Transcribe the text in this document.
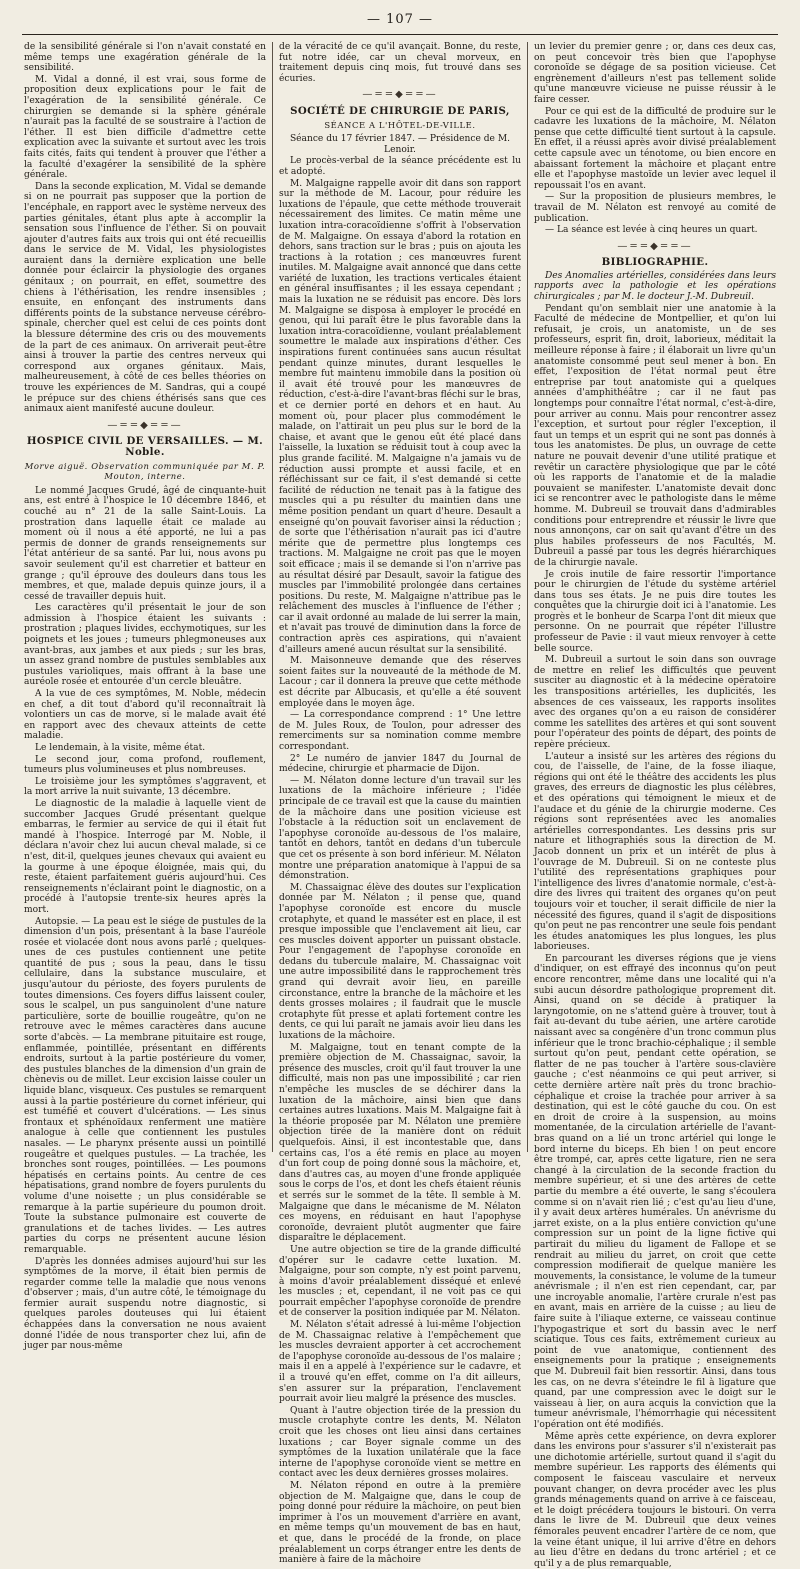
— 107 —

de la sensibilité générale si l'on n'avait constaté en même temps une exagération générale de la sensibilité.

M. Vidal a donné, il est vrai, sous forme de proposition deux explications pour le fait de l'exagération de la sensibilité générale. Ce chirurgien se demande si la sphère générale n'aurait pas la faculté de se soustraire à l'action de l'éther. Il est bien difficile d'admettre cette explication avec la suivante et surtout avec les trois faits cités, faits qui tendent à prouver que l'éther a la faculté d'exagérer la sensibilité de la sphère générale.

Dans la seconde explication, M. Vidal se demande si on ne pourrait pas supposer que la portion de l'encéphale, en rapport avec le système nerveux des parties génitales, étant plus apte à accomplir la sensation sous l'influence de l'éther. Si on pouvait ajouter d'autres faits aux trois qui ont été recueillis dans le service de M. Vidal, les physiologistes auraient dans la dernière explication une belle donnée pour éclaircir la physiologie des organes génitaux ; on pourrait, en effet, soumettre des chiens à l'éthérisation, les rendre insensibles ; ensuite, en enfonçant des instruments dans différents points de la substance nerveuse cérébro-spinale, chercher quel est celui de ces points dont la blessure détermine des cris ou des mouvements de la part de ces animaux. On arriverait peut-être ainsi à trouver la partie des centres nerveux qui correspond aux organes génitaux. Mais, malheureusement, à côté de ces belles théories on trouve les expériences de M. Sandras, qui a coupé le prépuce sur des chiens éthérisés sans que ces animaux aient manifesté aucune douleur.

—==◆==—
HOSPICE CIVIL DE VERSAILLES. — M. Noble.
Morve aiguë. Observation communiquée par M. P. Mouton, interne.

Le nommé Jacques Grudé, âgé de cinquante-huit ans, est entré à l'hospice le 10 décembre 1846, et couché au n° 21 de la salle Saint-Louis. La prostration dans laquelle était ce malade au moment où il nous a été apporté, ne lui a pas permis de donner de grands renseignements sur l'état antérieur de sa santé. Par lui, nous avons pu savoir seulement qu'il est charretier et batteur en grange ; qu'il éprouve des douleurs dans tous les membres, et que, malade depuis quinze jours, il a cessé de travailler depuis huit.

Les caractères qu'il présentait le jour de son admission à l'hospice étaient les suivants : prostration ; plaques livides, ecchymotiques, sur les poignets et les joues ; tumeurs phlegmoneuses aux avant-bras, aux jambes et aux pieds ; sur les bras, un assez grand nombre de pustules semblables aux pustules varioliques, mais offrant à la base une auréole rosée et entourée d'un cercle bleuâtre.

A la vue de ces symptômes, M. Noble, médecin en chef, a dit tout d'abord qu'il reconnaîtrait là volontiers un cas de morve, si le malade avait été en rapport avec des chevaux atteints de cette maladie.

Le lendemain, à la visite, même état.

Le second jour, coma profond, rouflement, tumeurs plus volumineuses et plus nombreuses.

Le troisième jour les symptômes s'aggravent, et la mort arrive la nuit suivante, 13 décembre.

Le diagnostic de la maladie à laquelle vient de succomber Jacques Grudé présentant quelque embarras, le fermier au service de qui il était fut mandé à l'hospice. Interrogé par M. Noble, il déclara n'avoir chez lui aucun cheval malade, si ce n'est, dit-il, quelques jeunes chevaux qui avaient eu la gourme à une époque éloignée, mais qui, du reste, étaient parfaitement guéris aujourd'hui. Ces renseignements n'éclairant point le diagnostic, on a procédé à l'autopsie trente-six heures après la mort.

Autopsie. — La peau est le siége de pustules de la dimension d'un pois, présentant à la base l'auréole rosée et violacée dont nous avons parlé ; quelques-unes de ces pustules contiennent une petite quantité de pus ; sous la peau, dans le tissu cellulaire, dans la substance musculaire, et jusqu'autour du périoste, des foyers purulents de toutes dimensions. Ces foyers diffus laissent couler, sous le scalpel, un pus sanguinolent d'une nature particulière, sorte de bouillie rougeâtre, qu'on ne retrouve avec le mêmes caractères dans aucune sorte d'abcès. — La membrane pituitaire est rouge, enflammée, pointillée, présentant en différents endroits, surtout à la partie postérieure du vomer, des pustules blanches de la dimension d'un grain de chènevis ou de millet. Leur excision laisse couler un liquide blanc, visqueux. Ces pustules se remarquent aussi à la partie postérieure du cornet inférieur, qui est tuméfié et couvert d'ulcérations. — Les sinus frontaux et sphénoïdaux renferment une matière analogue à celle que contiennent les pustules nasales. — Le pharynx présente aussi un pointillé rougeâtre et quelques pustules. — La trachée, les bronches sont rouges, pointillées. — Les poumons hépatisés en certains points. Au centre de ces hépatisations, grand nombre de foyers purulents du volume d'une noisette ; un plus considérable se remarque à la partie supérieure du poumon droit. Toute la substance pulmonaire est couverte de granulations et de taches livides. — Les autres parties du corps ne présentent aucune lésion remarquable.

D'après les données admises aujourd'hui sur les symptômes de la morve, il était bien permis de regarder comme telle la maladie que nous venons d'observer ; mais, d'un autre côté, le témoignage du fermier aurait suspendu notre diagnostic, si quelques paroles douteuses qui lui étaient échappées dans la conversation ne nous avaient donné l'idée de nous transporter chez lui, afin de juger par nous-même

de la véracité de ce qu'il avançait. Bonne, du reste, fut notre idée, car un cheval morveux, en traitement depuis cinq mois, fut trouvé dans ses écuries.

—==◆==—
SOCIÉTÉ DE CHIRURGIE DE PARIS,
SÉANCE A L'HÔTEL-DE-VILLE.

Séance du 17 février 1847. — Présidence de M. Lenoir.

Le procès-verbal de la séance précédente est lu et adopté.

M. Malgaigne rappelle avoir dit dans son rapport sur la méthode de M. Lacour, pour réduire les luxations de l'épaule, que cette méthode trouverait nécessairement des limites. Ce matin même une luxation intra-coracoïdienne s'offrit à l'observation de M. Malgaigne. On essaya d'abord la rotation en dehors, sans traction sur le bras ; puis on ajouta les tractions à la rotation ; ces manœuvres furent inutiles. M. Malgaigne avait annoncé que dans cette variété de luxation, les tractions verticales étaient en général insuffisantes ; il les essaya cependant ; mais la luxation ne se réduisit pas encore. Dès lors M. Malgaigne se disposa à employer le procédé en genou, qui lui paraît être le plus favorable dans la luxation intra-coracoïdienne, voulant préalablement soumettre le malade aux inspirations d'éther. Ces inspirations furent continuées sans aucun résultat pendant quinze minutes, durant lesquelles le membre fut maintenu immobile dans la position où il avait été trouvé pour les manœuvres de réduction, c'est-à-dire l'avant-bras fléchi sur le bras, et ce dernier porté en dehors et en haut. Au moment où, pour placer plus commodément le malade, on l'attirait un peu plus sur le bord de la chaise, et avant que le genou eût été placé dans l'aisselle, la luxation se réduisit tout à coup avec la plus grande facilité. M. Malgaigne n'a jamais vu de réduction aussi prompte et aussi facile, et en réfléchissant sur ce fait, il s'est demandé si cette facilité de réduction ne tenait pas à la fatigue des muscles qui a pu résulter du maintien dans une même position pendant un quart d'heure. Desault a enseigné qu'on pouvait favoriser ainsi la réduction ; de sorte que l'éthérisation n'aurait pas ici d'autre mérite que de permettre plus longtemps ces tractions. M. Malgaigne ne croit pas que le moyen soit efficace ; mais il se demande si l'on n'arrive pas au résultat désiré par Desault, savoir la fatigue des muscles par l'immobilité prolongée dans certaines positions. Du reste, M. Malgaigne n'attribue pas le relâchement des muscles à l'influence de l'éther ; car il avait ordonné au malade de lui serrer la main, et n'avait pas trouvé de diminution dans la force de contraction après ces aspirations, qui n'avaient d'ailleurs amené aucun résultat sur la sensibilité.

M. Maisonneuve demande que des réserves soient faites sur la nouveauté de la méthode de M. Lacour ; car il donnera la preuve que cette méthode est décrite par Albucasis, et qu'elle a été souvent employée dans le moyen âge.

— La correspondance comprend : 1° Une lettre de M. Jules Roux, de Toulon, pour adresser des remerciments sur sa nomination comme membre correspondant.

2° Le numéro de janvier 1847 du Journal de médecine, chirurgie et pharmacie de Dijon.

— M. Nélaton donne lecture d'un travail sur les luxations de la mâchoire inférieure ; l'idée principale de ce travail est que la cause du maintien de la mâchoire dans une position vicieuse est l'obstacle à la réduction soit un enclavement de l'apophyse coronoïde au-dessous de l'os malaire, tantôt en dehors, tantôt en dedans d'un tubercule que cet os présente à son bord inférieur. M. Nélaton montre une préparation anatomique à l'appui de sa démonstration.

M. Chassaignac élève des doutes sur l'explication donnée par M. Nélaton ; il pense que, quand l'apophyse coronoïde est encore du muscle crotaphyte, et quand le masséter est en place, il est presque impossible que l'enclavement ait lieu, car ces muscles doivent apporter un puissant obstacle. Pour l'engagement de l'apophyse coronoïde en dedans du tubercule malaire, M. Chassaignac voit une autre impossibilité dans le rapprochement très grand qui devrait avoir lieu, en pareille circonstance, entre la branche de la mâchoire et les dents grosses molaires ; il faudrait que le muscle crotaphyte fût presse et aplati fortement contre les dents, ce qui lui paraît ne jamais avoir lieu dans les luxations de la mâchoire.

M. Malgaigne, tout en tenant compte de la première objection de M. Chassaignac, savoir, la présence des muscles, croit qu'il faut trouver la une difficulté, mais non pas une impossibilité ; car rien n'empêche les muscles de se déchirer dans la luxation de la mâchoire, ainsi bien que dans certaines autres luxations. Mais M. Malgaigne fait à la théorie proposée par M. Nélaton une première objection tirée de la manière dont on réduit quelquefois. Ainsi, il est incontestable que, dans certains cas, l'os a été remis en place au moyen d'un fort coup de poing donné sous la mâchoire, et, dans d'autres cas, au moyen d'une fronde appliquée sous le corps de l'os, et dont les chefs étaient réunis et serrés sur le sommet de la tête. Il semble à M. Malgaigne que dans le mécanisme de M. Nélaton ces moyens, en réduisant en haut l'apophyse coronoïde, devraient plutôt augmenter que faire disparaître le déplacement.

Une autre objection se tire de la grande difficulté d'opérer sur le cadavre cette luxation. M. Malgaigne, pour son compte, n'y est point parvenu, à moins d'avoir préalablement disséqué et enlevé les muscles ; et, cependant, il ne voit pas ce qui pourrait empêcher l'apophyse coronoïde de prendre et de conserver la position indiquée par M. Nélaton.

M. Nélaton s'était adressé à lui-même l'objection de M. Chassaignac relative à l'empêchement que les muscles devraient apporter à cet accrochement de l'apophyse coronoïde au-dessous de l'os malaire ; mais il en a appelé à l'expérience sur le cadavre, et il a trouvé qu'en effet, comme on l'a dit ailleurs, s'en assurer sur la préparation, l'enclavement pourrait avoir lieu malgré la présence des muscles.

Quant à l'autre objection tirée de la pression du muscle crotaphyte contre les dents, M. Nélaton croit que les choses ont lieu ainsi dans certaines luxations ; car Boyer signale comme un des symptômes de la luxation unilatérale que la face interne de l'apophyse coronoïde vient se mettre en contact avec les deux dernières grosses molaires.

M. Nélaton répond en outre à la première objection de M. Malgaigne que, dans le coup de poing donné pour réduire la mâchoire, on peut bien imprimer à l'os un mouvement d'arrière en avant, en même temps qu'un mouvement de bas en haut, et que, dans le procédé de la fronde, on place préalablement un corps étranger entre les dents de manière à faire de la mâchoire

un levier du premier genre ; or, dans ces deux cas, on peut concevoir très bien que l'apophyse coronoïde se dégage de sa position vicieuse. Cet engrènement d'ailleurs n'est pas tellement solide qu'une manœuvre vicieuse ne puisse réussir à le faire cesser.

Pour ce qui est de la difficulté de produire sur le cadavre les luxations de la mâchoire, M. Nélaton pense que cette difficulté tient surtout à la capsule. En effet, il a réussi après avoir divisé préalablement cette capsule avec un ténotome, ou bien encore en abaissant fortement la mâchoire et plaçant entre elle et l'apophyse mastoïde un levier avec lequel il repoussait l'os en avant.

— Sur la proposition de plusieurs membres, le travail de M. Nélaton est renvoyé au comité de publication.

— La séance est levée à cinq heures un quart.

—==◆==—
BIBLIOGRAPHIE.

Des Anomalies artérielles, considérées dans leurs rapports avec la pathologie et les opérations chirurgicales ; par M. le docteur J.-M. Dubreuil.

Pendant qu'on semblait nier une anatomie à la Faculté de médecine de Montpellier, et qu'on lui refusait, je crois, un anatomiste, un de ses professeurs, esprit fin, droit, laborieux, méditait la meilleure réponse à faire ; il élaborait un livre qu'un anatomiste consommé peut seul mener à bon. En effet, l'exposition de l'état normal peut être entreprise par tout anatomiste qui a quelques années d'amphithéâtre ; car il ne faut pas longtemps pour connaître l'état normal, c'est-à-dire, pour arriver au connu. Mais pour rencontrer assez l'exception, et surtout pour régler l'exception, il faut un temps et un esprit qui ne sont pas donnés à tous les anatomistes. De plus, un ouvrage de cette nature ne pouvait devenir d'une utilité pratique et revêtir un caractère physiologique que par le côté où les rapports de l'anatomie et de la maladie pouvaient se manifester. L'anatomiste devait donc ici se rencontrer avec le pathologiste dans le même homme. M. Dubreuil se trouvait dans d'admirables conditions pour entreprendre et réussir le livre que nous annonçons, car on sait qu'avant d'être un des plus habiles professeurs de nos Facultés, M. Dubreuil a passé par tous les degrés hiérarchiques de la chirurgie navale.

Je crois inutile de faire ressortir l'importance pour le chirurgien de l'étude du système artériel dans tous ses états. Je ne puis dire toutes les conquêtes que la chirurgie doit ici à l'anatomie. Les progrès et le bonheur de Scarpa l'ont dit mieux que personne. On ne pourrait que répéter l'illustre professeur de Pavie : il vaut mieux renvoyer à cette belle source.

M. Dubreuil a surtout le soin dans son ouvrage de mettre en relief les difficultés que peuvent susciter au diagnostic et à la médecine opératoire les transpositions artérielles, les duplicités, les absences de ces vaisseaux, les rapports insolites avec des organes qu'on a eu raison de considérer comme les satellites des artères et qui sont souvent pour l'opérateur des points de départ, des points de repère précieux.

L'auteur a insisté sur les artères des régions du cou, de l'aisselle, de l'aine, de la fosse iliaque, régions qui ont été le théâtre des accidents les plus graves, des erreurs de diagnostic les plus célèbres, et des opérations qui témoignent le mieux et de l'audace et du génie de la chirurgie moderne. Ces régions sont représentées avec les anomalies artérielles correspondantes. Les dessins pris sur nature et lithographiés sous la direction de M. Jacob donnent un prix et un intérêt de plus à l'ouvrage de M. Dubreuil. Si on ne conteste plus l'utilité des représentations graphiques pour l'intelligence des livres d'anatomie normale, c'est-à-dire des livres qui traitent des organes qu'on peut toujours voir et toucher, il serait difficile de nier la nécessité des figures, quand il s'agit de dispositions qu'on peut ne pas rencontrer une seule fois pendant les études anatomiques les plus longues, les plus laborieuses.

En parcourant les diverses régions que je viens d'indiquer, on est effrayé des inconnus qu'on peut encore rencontrer, même dans une localité qui n'a subi aucun désordre pathologique proprement dit. Ainsi, quand on se décide à pratiquer la laryngotomie, on ne s'attend guère à trouver, tout à fait au-devant du tube aérien, une artère carotide naissant avec sa congénère d'un tronc commun plus inférieur que le tronc brachio-céphalique ; il semble surtout qu'on peut, pendant cette opération, se flatter de ne pas toucher à l'artère sous-clavière gauche ; c'est néanmoins ce qui peut arriver, si cette dernière artère naît près du tronc brachio-céphalique et croise la trachée pour arriver à sa destination, qui est le côté gauche du cou. On est en droit de croire à la suspension, au moins momentanée, de la circulation artérielle de l'avant-bras quand on a lié un tronc artériel qui longe le bord interne du biceps. Eh bien ! on peut encore être trompé, car, après cette ligature, rien ne sera changé à la circulation de la seconde fraction du membre supérieur, et si une des artères de cette partie du membre a été ouverte, le sang s'écoulera comme si on n'avait rien lié ; c'est qu'au lieu d'une, il y avait deux artères humérales. Un anévrisme du jarret existe, on a la plus entière conviction qu'une compression sur un point de la ligne fictive qui partirait du milieu du ligament de Fallope et se rendrait au milieu du jarret, on croit que cette compression modifierait de quelque manière les mouvements, la consistance, le volume de la tumeur anévrismale ; il n'en est rien cependant, car, par une incroyable anomalie, l'artère crurale n'est pas en avant, mais en arrière de la cuisse ; au lieu de faire suite à l'iliaque externe, ce vaisseau continue l'hypogastrique et sort du bassin avec le nerf sciatique. Tous ces faits, extrêmement curieux au point de vue anatomique, contiennent des enseignements pour la pratique ; enseignements que M. Dubreuil fait bien ressortir. Ainsi, dans tous les cas, on ne devra s'éteindre le fil à ligature que quand, par une compression avec le doigt sur le vaisseau à lier, on aura acquis la conviction que la tumeur anévrismale, l'hémorrhagie qui nécessitent l'opération ont été modifiés.

Même après cette expérience, on devra explorer dans les environs pour s'assurer s'il n'existerait pas une dichotomie artérielle, surtout quand il s'agit du membre supérieur. Les rapports des éléments qui composent le faisceau vasculaire et nerveux pouvant changer, on devra procéder avec les plus grands ménagements quand on arrive à ce faisceau, et le doigt précédera toujours le bistouri. On verra dans le livre de M. Dubreuil que deux veines fémorales peuvent encadrer l'artère de ce nom, que la veine étant unique, il lui arrive d'être en dehors au lieu d'être en dedans du tronc artériel ; et ce qu'il y a de plus remarquable,
